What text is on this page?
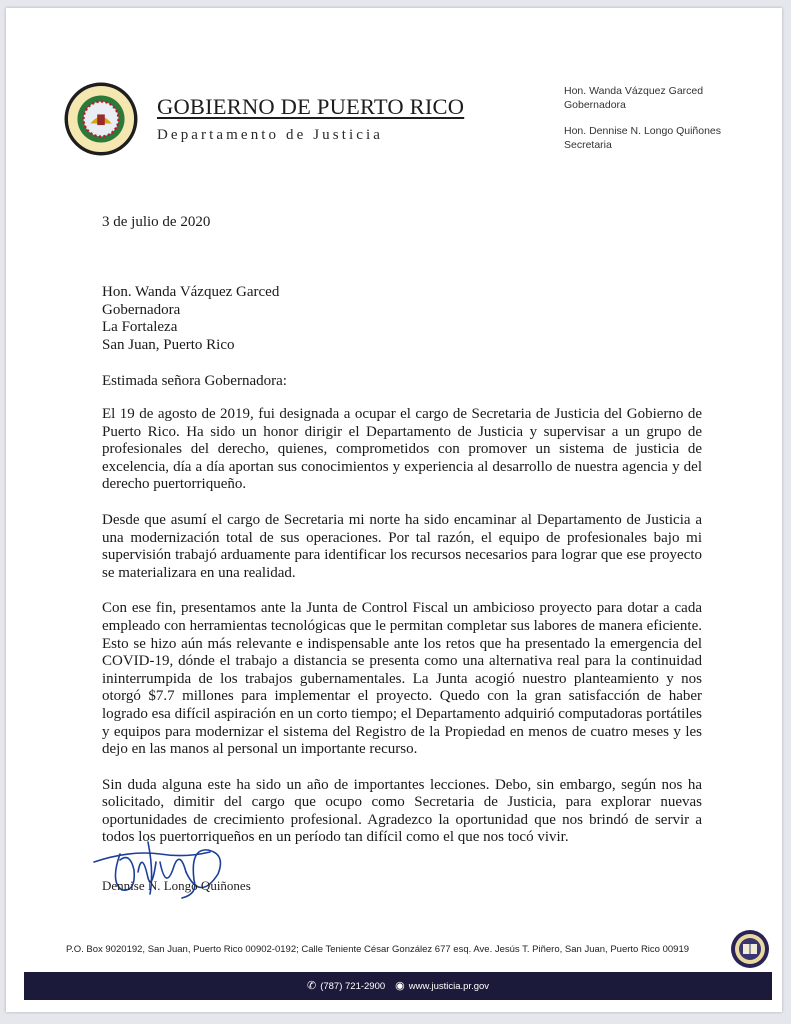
GOBIERNO DE PUERTO RICO
Departamento de Justicia
Hon. Wanda Vázquez Garced
Gobernadora
Hon. Dennise N. Longo Quiñones
Secretaria
3 de julio de 2020
Hon. Wanda Vázquez Garced
Gobernadora
La Fortaleza
San Juan, Puerto Rico
Estimada señora Gobernadora:

El 19 de agosto de 2019, fui designada a ocupar el cargo de Secretaria de Justicia del Gobierno de Puerto Rico. Ha sido un honor dirigir el Departamento de Justicia y supervisar a un grupo de profesionales del derecho, quienes, comprometidos con promover un sistema de justicia de excelencia, día a día aportan sus conocimientos y experiencia al desarrollo de nuestra agencia y del derecho puertorriqueño.

Desde que asumí el cargo de Secretaria mi norte ha sido encaminar al Departamento de Justicia a una modernización total de sus operaciones. Por tal razón, el equipo de profesionales bajo mi supervisión trabajó arduamente para identificar los recursos necesarios para lograr que ese proyecto se materializara en una realidad.

Con ese fin, presentamos ante la Junta de Control Fiscal un ambicioso proyecto para dotar a cada empleado con herramientas tecnológicas que le permitan completar sus labores de manera eficiente. Esto se hizo aún más relevante e indispensable ante los retos que ha presentado la emergencia del COVID-19, dónde el trabajo a distancia se presenta como una alternativa real para la continuidad ininterrumpida de los trabajos gubernamentales. La Junta acogió nuestro planteamiento y nos otorgó $7.7 millones para implementar el proyecto. Quedo con la gran satisfacción de haber logrado esa difícil aspiración en un corto tiempo; el Departamento adquirió computadoras portátiles y equipos para modernizar el sistema del Registro de la Propiedad en menos de cuatro meses y les dejo en las manos al personal un importante recurso.

Sin duda alguna este ha sido un año de importantes lecciones. Debo, sin embargo, según nos ha solicitado, dimitir del cargo que ocupo como Secretaria de Justicia, para explorar nuevas oportunidades de crecimiento profesional. Agradezco la oportunidad que nos brindó de servir a todos los puertorriqueños en un período tan difícil como el que nos tocó vivir.

Dennise N. Longo Quiñones
P.O. Box 9020192, San Juan, Puerto Rico 00902-0192; Calle Teniente César González 677 esq. Ave. Jesús T. Piñero, San Juan, Puerto Rico 00919
✆ (787) 721-2900 ◉ www.justicia.pr.gov
